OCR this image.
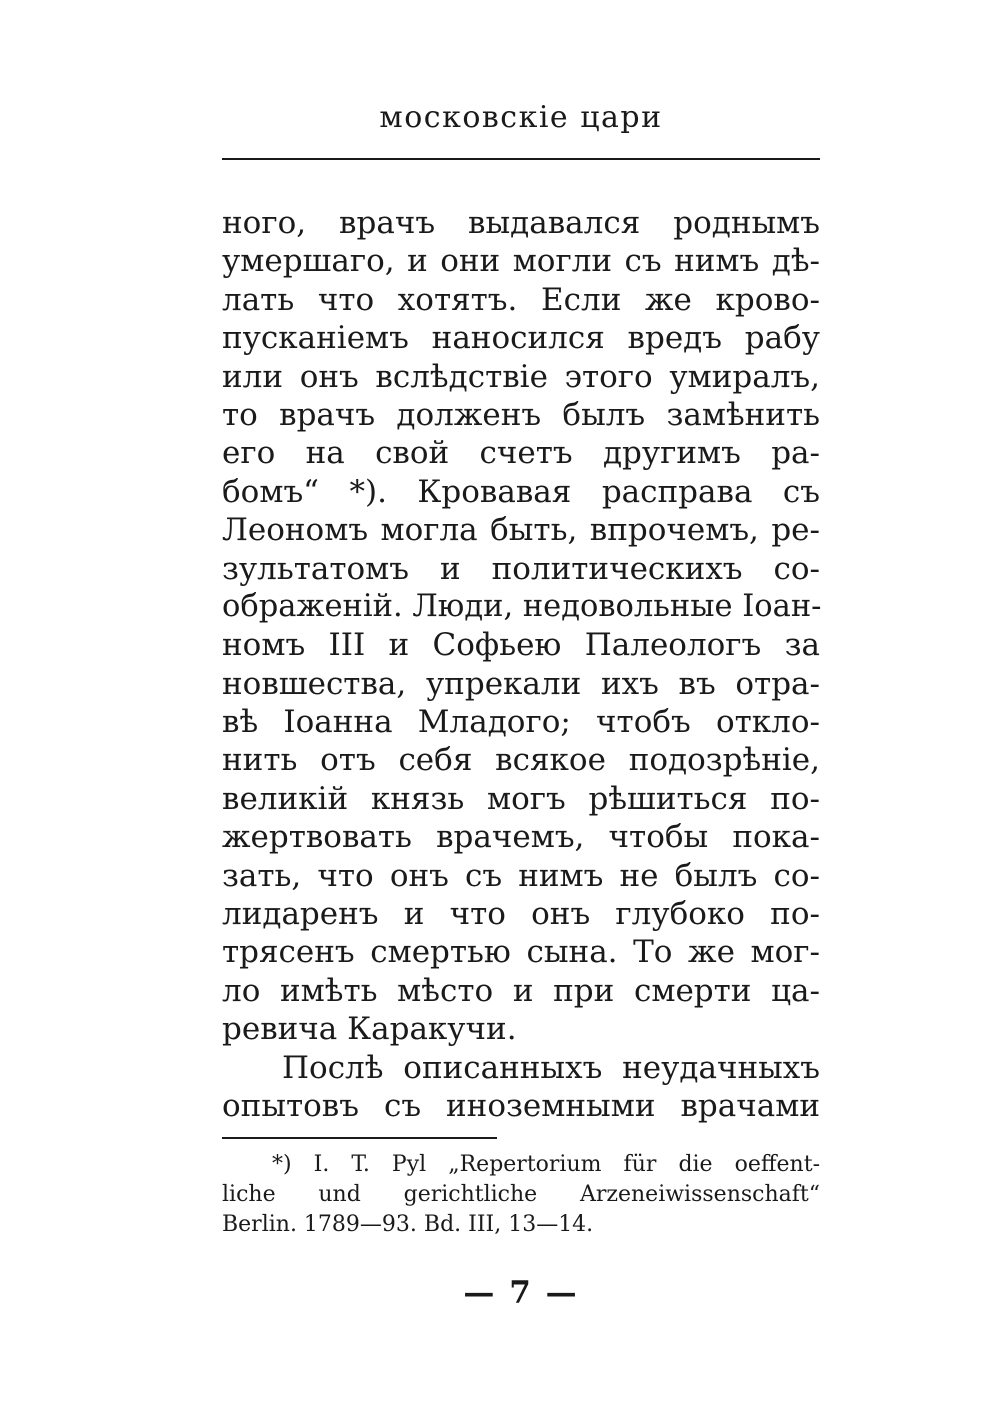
московскіе цари
ного, врачъ выдавался роднымъ
умершаго, и они могли съ нимъ дѣ-
лать что хотятъ. Если же крово-
пусканіемъ наносился вредъ рабу
или онъ вслѣдствіе этого умиралъ,
то врачъ долженъ былъ замѣнить
его на свой счетъ другимъ ра-
бомъ“ *). Кровавая расправа съ
Леономъ могла быть, впрочемъ, ре-
зультатомъ и политическихъ со-
ображеній. Люди, недовольные Іоан-
номъ III и Софьею Палеологъ за
новшества, упрекали ихъ въ отра-
вѣ Іоанна Младого; чтобъ откло-
нить отъ себя всякое подозрѣніе,
великій князь могъ рѣшиться по-
жертвовать врачемъ, чтобы пока-
зать, что онъ съ нимъ не былъ со-
лидаренъ и что онъ глубоко по-
трясенъ смертью сына. То же мог-
ло имѣть мѣсто и при смерти ца-
ревича Каракучи.
Послѣ описанныхъ неудачныхъ
опытовъ съ иноземными врачами
*) I. T. Pyl „Repertorium für die oeffent-
liche und gerichtliche Arzeneiwissenschaft“
Berlin. 1789—93. Bd. III, 13—14.
— 7 —
